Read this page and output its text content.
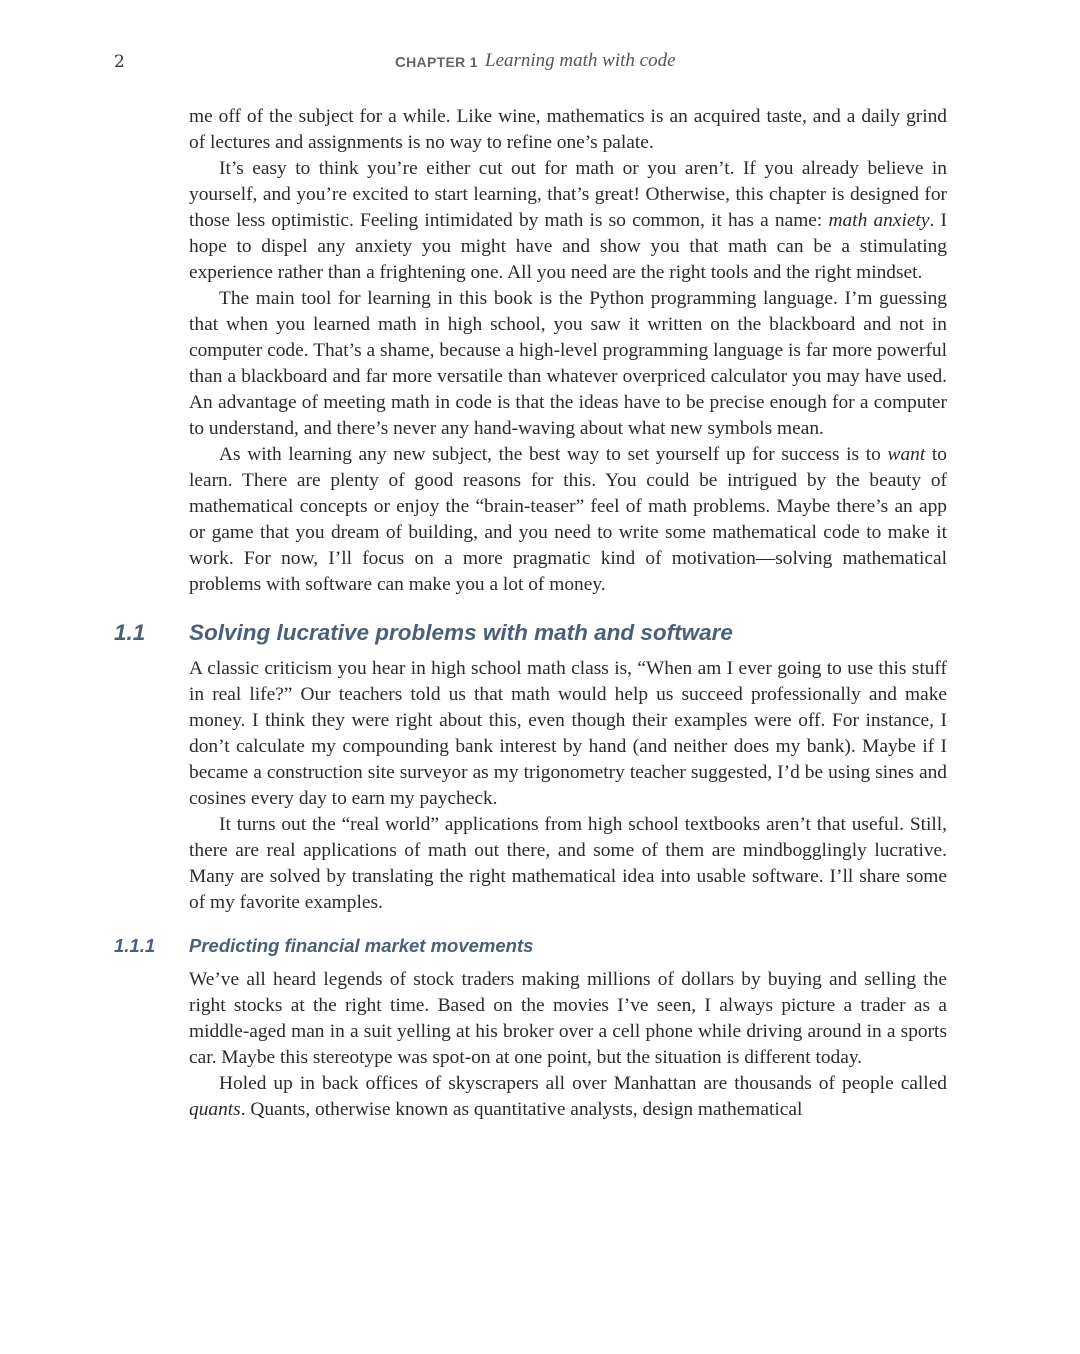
2	CHAPTER 1 Learning math with code

me off of the subject for a while. Like wine, mathematics is an acquired taste, and a daily grind of lectures and assignments is no way to refine one’s palate.

It’s easy to think you’re either cut out for math or you aren’t. If you already believe in yourself, and you’re excited to start learning, that’s great! Otherwise, this chapter is designed for those less optimistic. Feeling intimidated by math is so common, it has a name: math anxiety. I hope to dispel any anxiety you might have and show you that math can be a stimulating experience rather than a frightening one. All you need are the right tools and the right mindset.

The main tool for learning in this book is the Python programming language. I’m guessing that when you learned math in high school, you saw it written on the blackboard and not in computer code. That’s a shame, because a high-level programming language is far more powerful than a blackboard and far more versatile than whatever overpriced calculator you may have used. An advantage of meeting math in code is that the ideas have to be precise enough for a computer to understand, and there’s never any hand-waving about what new symbols mean.

As with learning any new subject, the best way to set yourself up for success is to want to learn. There are plenty of good reasons for this. You could be intrigued by the beauty of mathematical concepts or enjoy the “brain-teaser” feel of math problems. Maybe there’s an app or game that you dream of building, and you need to write some mathematical code to make it work. For now, I’ll focus on a more pragmatic kind of motivation—solving mathematical problems with software can make you a lot of money.

1.1 Solving lucrative problems with math and software

A classic criticism you hear in high school math class is, “When am I ever going to use this stuff in real life?” Our teachers told us that math would help us succeed professionally and make money. I think they were right about this, even though their examples were off. For instance, I don’t calculate my compounding bank interest by hand (and neither does my bank). Maybe if I became a construction site surveyor as my trigonometry teacher suggested, I’d be using sines and cosines every day to earn my paycheck.

It turns out the “real world” applications from high school textbooks aren’t that useful. Still, there are real applications of math out there, and some of them are mindbogglingly lucrative. Many are solved by translating the right mathematical idea into usable software. I’ll share some of my favorite examples.

1.1.1 Predicting financial market movements

We’ve all heard legends of stock traders making millions of dollars by buying and selling the right stocks at the right time. Based on the movies I’ve seen, I always picture a trader as a middle-aged man in a suit yelling at his broker over a cell phone while driving around in a sports car. Maybe this stereotype was spot-on at one point, but the situation is different today.

Holed up in back offices of skyscrapers all over Manhattan are thousands of people called quants. Quants, otherwise known as quantitative analysts, design mathematical
